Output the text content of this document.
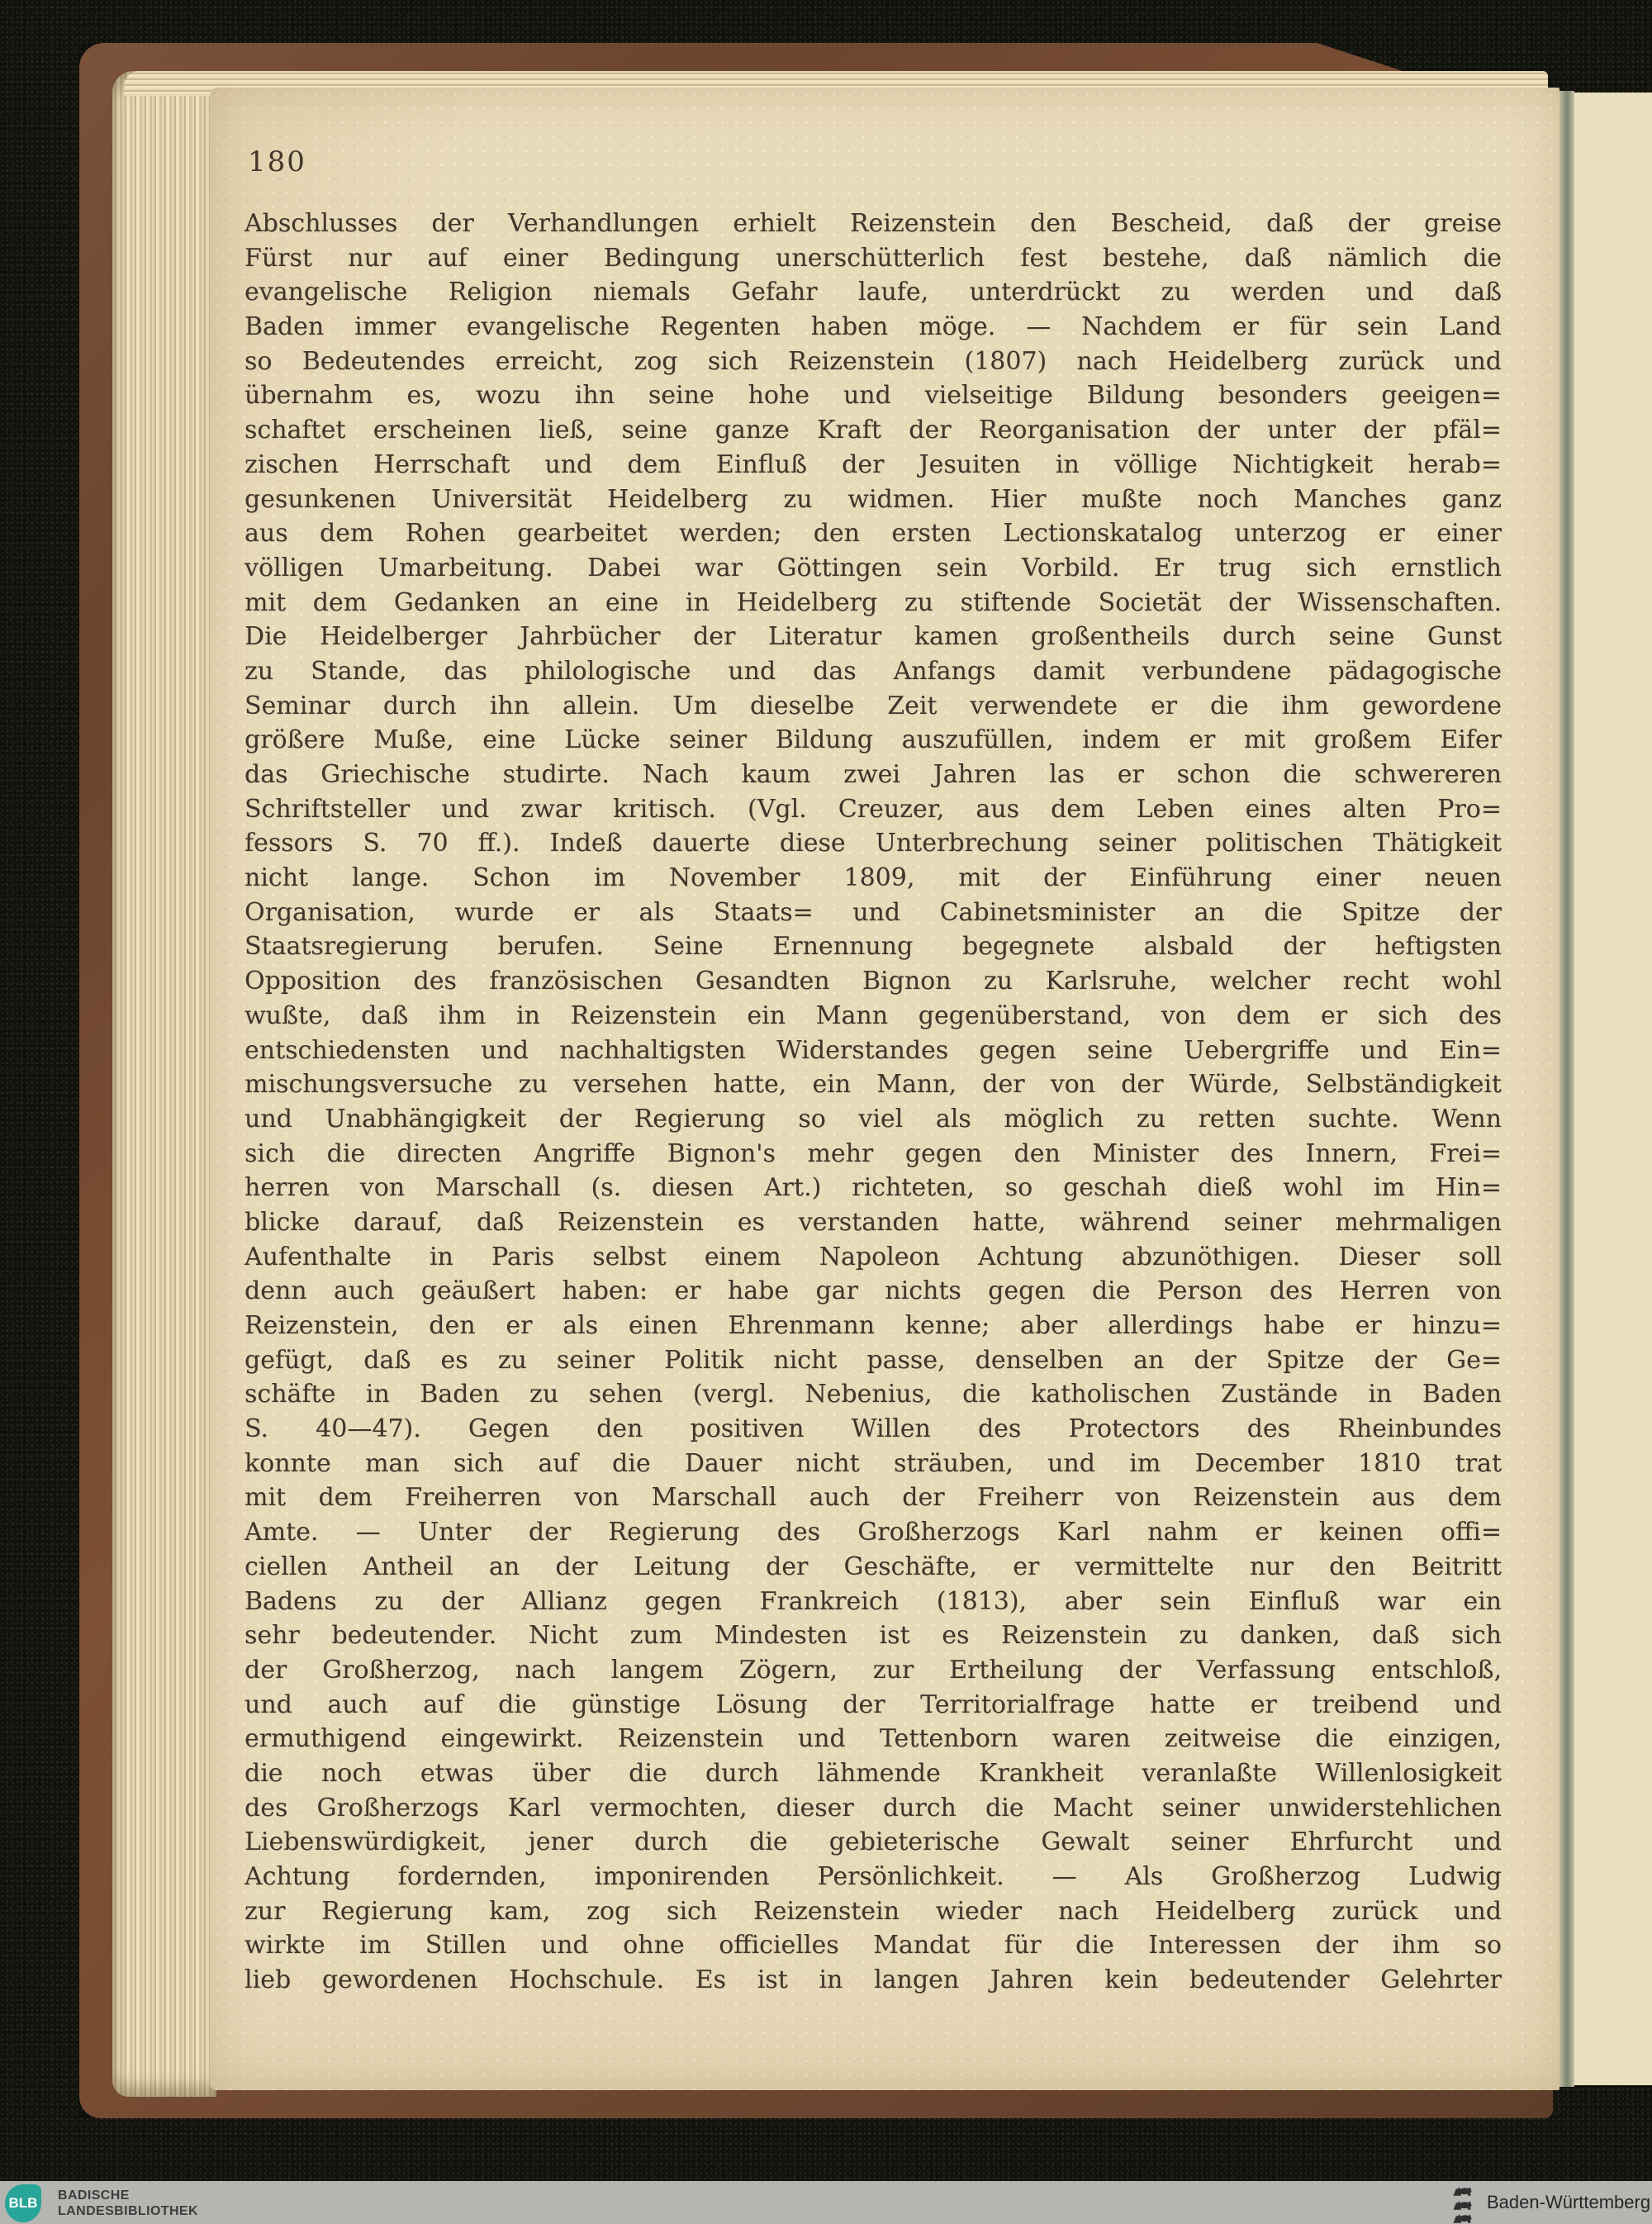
180
Abschlusses der Verhandlungen erhielt Reizenstein den Bescheid, daß der greise
Fürst nur auf einer Bedingung unerschütterlich fest bestehe, daß nämlich die
evangelische Religion niemals Gefahr laufe, unterdrückt zu werden und daß
Baden immer evangelische Regenten haben möge. — Nachdem er für sein Land
so Bedeutendes erreicht, zog sich Reizenstein (1807) nach Heidelberg zurück und
übernahm es, wozu ihn seine hohe und vielseitige Bildung besonders geeigen=
schaftet erscheinen ließ, seine ganze Kraft der Reorganisation der unter der pfäl=
zischen Herrschaft und dem Einfluß der Jesuiten in völlige Nichtigkeit herab=
gesunkenen Universität Heidelberg zu widmen. Hier mußte noch Manches ganz
aus dem Rohen gearbeitet werden; den ersten Lectionskatalog unterzog er einer
völligen Umarbeitung. Dabei war Göttingen sein Vorbild. Er trug sich ernstlich
mit dem Gedanken an eine in Heidelberg zu stiftende Societät der Wissenschaften.
Die Heidelberger Jahrbücher der Literatur kamen großentheils durch seine Gunst
zu Stande, das philologische und das Anfangs damit verbundene pädagogische
Seminar durch ihn allein. Um dieselbe Zeit verwendete er die ihm gewordene
größere Muße, eine Lücke seiner Bildung auszufüllen, indem er mit großem Eifer
das Griechische studirte. Nach kaum zwei Jahren las er schon die schwereren
Schriftsteller und zwar kritisch. (Vgl. Creuzer, aus dem Leben eines alten Pro=
fessors S. 70 ff.). Indeß dauerte diese Unterbrechung seiner politischen Thätigkeit
nicht lange. Schon im November 1809, mit der Einführung einer neuen
Organisation, wurde er als Staats= und Cabinetsminister an die Spitze der
Staatsregierung berufen. Seine Ernennung begegnete alsbald der heftigsten
Opposition des französischen Gesandten Bignon zu Karlsruhe, welcher recht wohl
wußte, daß ihm in Reizenstein ein Mann gegenüberstand, von dem er sich des
entschiedensten und nachhaltigsten Widerstandes gegen seine Uebergriffe und Ein=
mischungsversuche zu versehen hatte, ein Mann, der von der Würde, Selbständigkeit
und Unabhängigkeit der Regierung so viel als möglich zu retten suchte. Wenn
sich die directen Angriffe Bignon's mehr gegen den Minister des Innern, Frei=
herren von Marschall (s. diesen Art.) richteten, so geschah dieß wohl im Hin=
blicke darauf, daß Reizenstein es verstanden hatte, während seiner mehrmaligen
Aufenthalte in Paris selbst einem Napoleon Achtung abzunöthigen. Dieser soll
denn auch geäußert haben: er habe gar nichts gegen die Person des Herren von
Reizenstein, den er als einen Ehrenmann kenne; aber allerdings habe er hinzu=
gefügt, daß es zu seiner Politik nicht passe, denselben an der Spitze der Ge=
schäfte in Baden zu sehen (vergl. Nebenius, die katholischen Zustände in Baden
S. 40—47). Gegen den positiven Willen des Protectors des Rheinbundes
konnte man sich auf die Dauer nicht sträuben, und im December 1810 trat
mit dem Freiherren von Marschall auch der Freiherr von Reizenstein aus dem
Amte. — Unter der Regierung des Großherzogs Karl nahm er keinen offi=
ciellen Antheil an der Leitung der Geschäfte, er vermittelte nur den Beitritt
Badens zu der Allianz gegen Frankreich (1813), aber sein Einfluß war ein
sehr bedeutender. Nicht zum Mindesten ist es Reizenstein zu danken, daß sich
der Großherzog, nach langem Zögern, zur Ertheilung der Verfassung entschloß,
und auch auf die günstige Lösung der Territorialfrage hatte er treibend und
ermuthigend eingewirkt. Reizenstein und Tettenborn waren zeitweise die einzigen,
die noch etwas über die durch lähmende Krankheit veranlaßte Willenlosigkeit
des Großherzogs Karl vermochten, dieser durch die Macht seiner unwiderstehlichen
Liebenswürdigkeit, jener durch die gebieterische Gewalt seiner Ehrfurcht und
Achtung fordernden, imponirenden Persönlichkeit. — Als Großherzog Ludwig
zur Regierung kam, zog sich Reizenstein wieder nach Heidelberg zurück und
wirkte im Stillen und ohne officielles Mandat für die Interessen der ihm so
lieb gewordenen Hochschule. Es ist in langen Jahren kein bedeutender Gelehrter
BLB BADISCHE
LANDESBIBLIOTHEK	Baden-Württemberg
